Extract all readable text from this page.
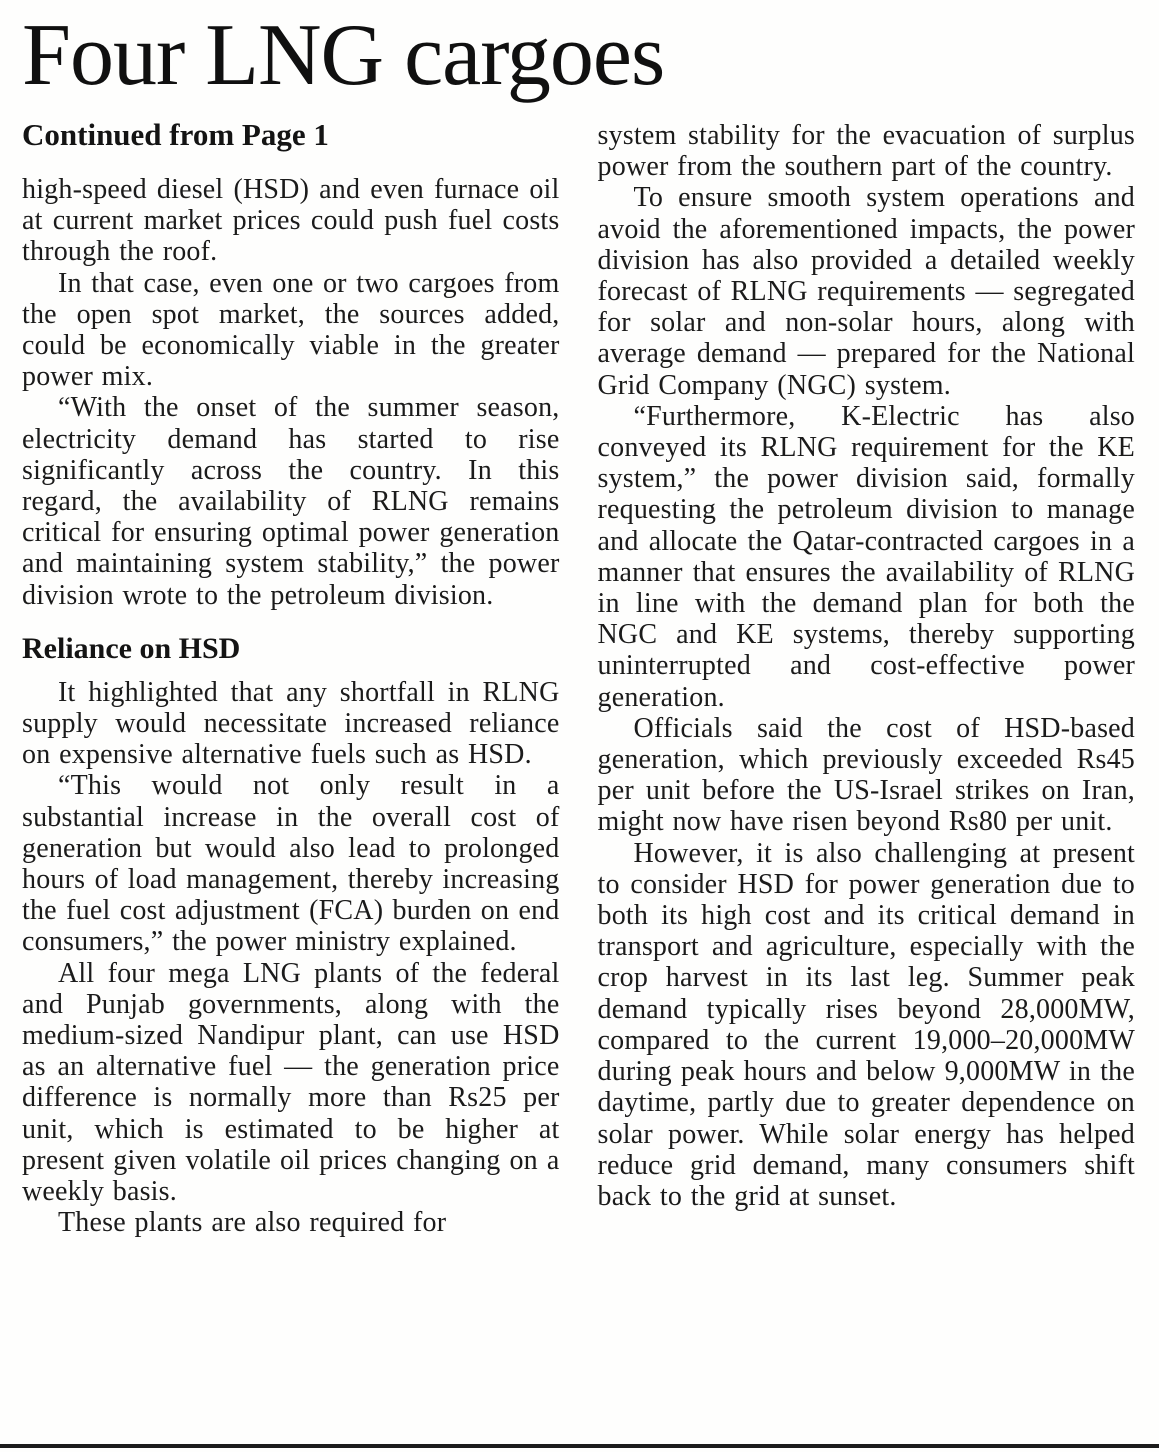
Four LNG cargoes
Continued from Page 1

high-speed diesel (HSD) and even furnace oil at current market prices could push fuel costs through the roof.

In that case, even one or two cargoes from the open spot market, the sources added, could be economically viable in the greater power mix.

“With the onset of the summer season, electricity demand has started to rise significantly across the country. In this regard, the availability of RLNG remains critical for ensuring optimal power generation and maintaining system stability,” the power division wrote to the petroleum division.

Reliance on HSD

It highlighted that any shortfall in RLNG supply would necessitate increased reliance on expensive alternative fuels such as HSD.

“This would not only result in a substantial increase in the overall cost of generation but would also lead to prolonged hours of load management, thereby increasing the fuel cost adjustment (FCA) burden on end consumers,” the power ministry explained.

All four mega LNG plants of the federal and Punjab governments, along with the medium-sized Nandipur plant, can use HSD as an alternative fuel — the generation price difference is normally more than Rs25 per unit, which is estimated to be higher at present given volatile oil prices changing on a weekly basis.

These plants are also required for

system stability for the evacuation of surplus power from the southern part of the country.

To ensure smooth system operations and avoid the aforementioned impacts, the power division has also provided a detailed weekly forecast of RLNG requirements — segregated for solar and non-solar hours, along with average demand — prepared for the National Grid Company (NGC) system.

“Furthermore, K-Electric has also conveyed its RLNG requirement for the KE system,” the power division said, formally requesting the petroleum division to manage and allocate the Qatar-contracted cargoes in a manner that ensures the availability of RLNG in line with the demand plan for both the NGC and KE systems, thereby supporting uninterrupted and cost-effective power generation.

Officials said the cost of HSD-based generation, which previously exceeded Rs45 per unit before the US-Israel strikes on Iran, might now have risen beyond Rs80 per unit.

However, it is also challenging at present to consider HSD for power generation due to both its high cost and its critical demand in transport and agriculture, especially with the crop harvest in its last leg. Summer peak demand typically rises beyond 28,000MW, compared to the current 19,000–20,000MW during peak hours and below 9,000MW in the daytime, partly due to greater dependence on solar power. While solar energy has helped reduce grid demand, many consumers shift back to the grid at sunset.
